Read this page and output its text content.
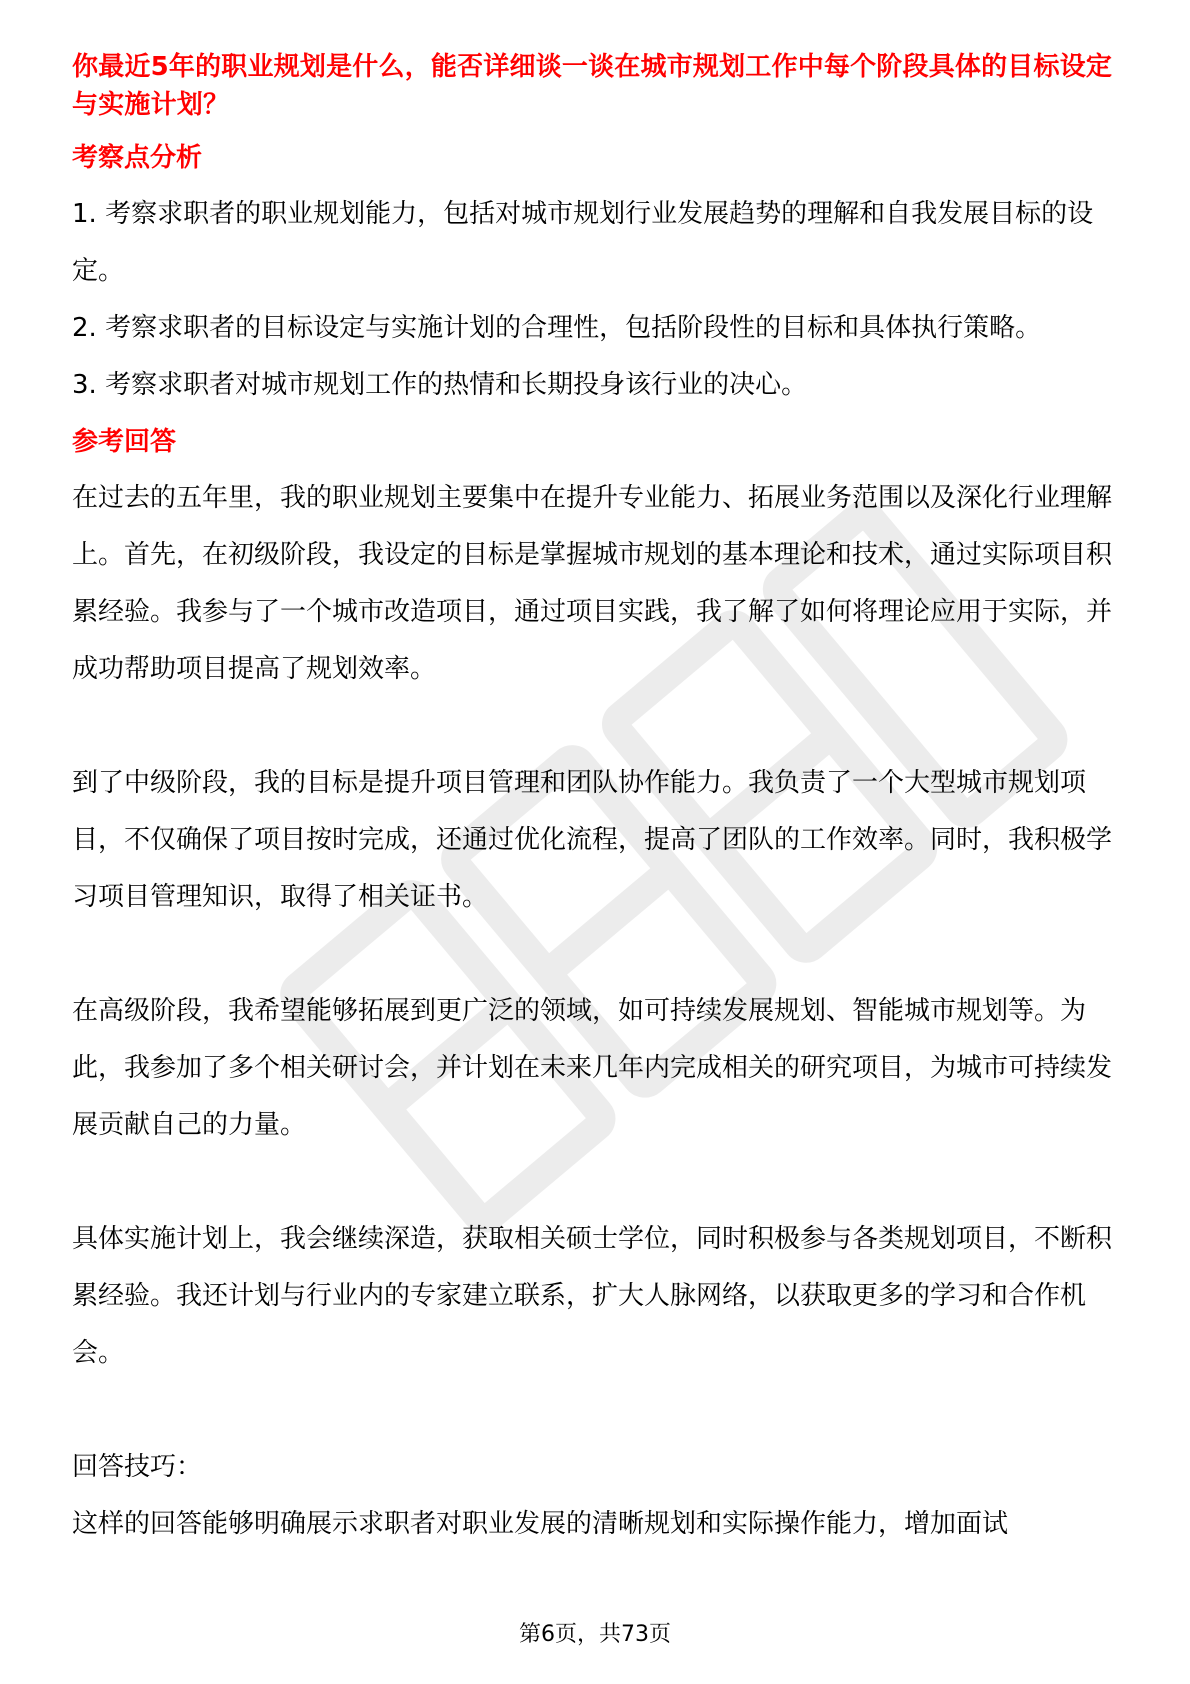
你最近5年的职业规划是什么，能否详细谈一谈在城市规划工作中每个阶段具体的目标设定与实施计划？

考察点分析

1. 考察求职者的职业规划能力，包括对城市规划行业发展趋势的理解和自我发展目标的设定。

2. 考察求职者的目标设定与实施计划的合理性，包括阶段性的目标和具体执行策略。

3. 考察求职者对城市规划工作的热情和长期投身该行业的决心。

参考回答

在过去的五年里，我的职业规划主要集中在提升专业能力、拓展业务范围以及深化行业理解上。首先，在初级阶段，我设定的目标是掌握城市规划的基本理论和技术，通过实际项目积累经验。我参与了一个城市改造项目，通过项目实践，我了解了如何将理论应用于实际，并成功帮助项目提高了规划效率。

到了中级阶段，我的目标是提升项目管理和团队协作能力。我负责了一个大型城市规划项目，不仅确保了项目按时完成，还通过优化流程，提高了团队的工作效率。同时，我积极学习项目管理知识，取得了相关证书。

在高级阶段，我希望能够拓展到更广泛的领域，如可持续发展规划、智能城市规划等。为此，我参加了多个相关研讨会，并计划在未来几年内完成相关的研究项目，为城市可持续发展贡献自己的力量。

具体实施计划上，我会继续深造，获取相关硕士学位，同时积极参与各类规划项目，不断积累经验。我还计划与行业内的专家建立联系，扩大人脉网络，以获取更多的学习和合作机会。

回答技巧：

这样的回答能够明确展示求职者对职业发展的清晰规划和实际操作能力，增加面试

第6页，共73页
